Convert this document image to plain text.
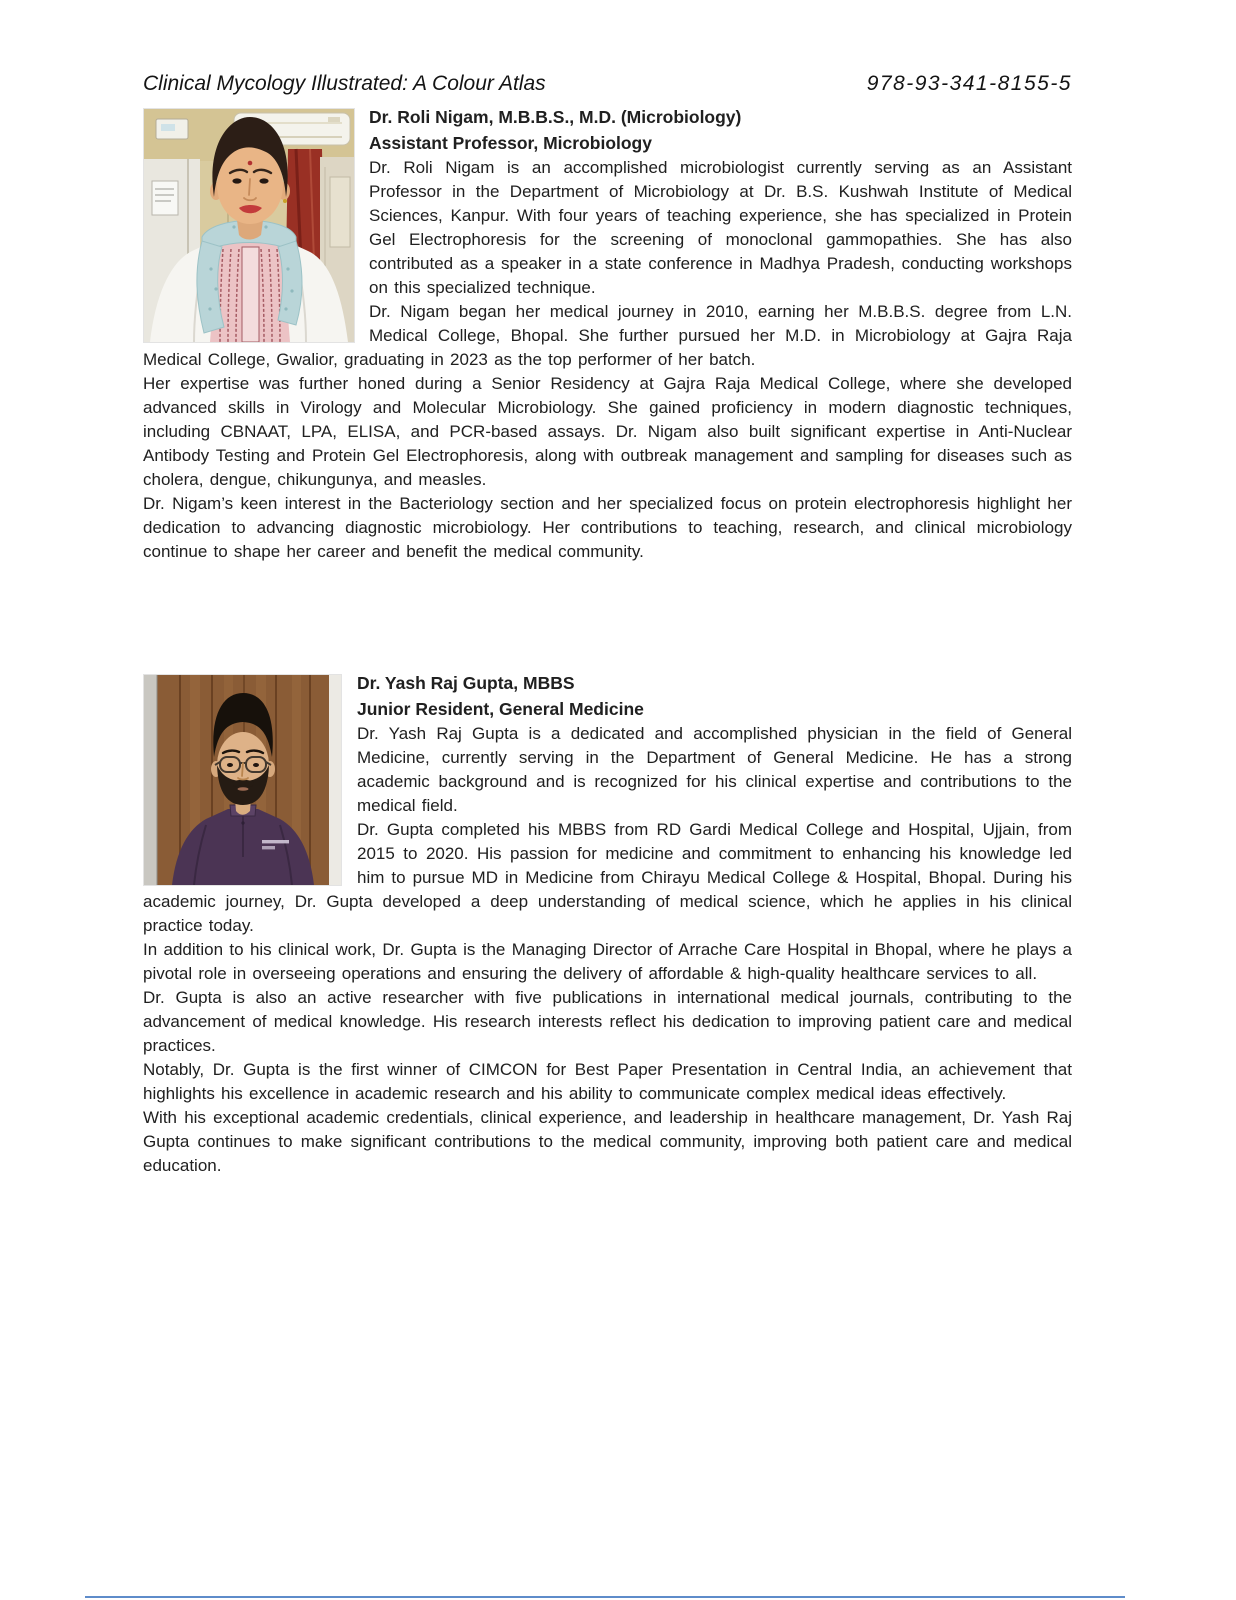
Clinical Mycology Illustrated: A Colour Atlas	978-93-341-8155-5
Dr. Roli Nigam, M.B.B.S., M.D. (Microbiology)
Assistant Professor, Microbiology

Dr. Roli Nigam is an accomplished microbiologist currently serving as an Assistant Professor in the Department of Microbiology at Dr. B.S. Kushwah Institute of Medical Sciences, Kanpur. With four years of teaching experience, she has specialized in Protein Gel Electrophoresis for the screening of monoclonal gammopathies. She has also contributed as a speaker in a state conference in Madhya Pradesh, conducting workshops on this specialized technique.

Dr. Nigam began her medical journey in 2010, earning her M.B.B.S. degree from L.N. Medical College, Bhopal. She further pursued her M.D. in Microbiology at Gajra Raja Medical College, Gwalior, graduating in 2023 as the top performer of her batch.

Her expertise was further honed during a Senior Residency at Gajra Raja Medical College, where she developed advanced skills in Virology and Molecular Microbiology. She gained proficiency in modern diagnostic techniques, including CBNAAT, LPA, ELISA, and PCR-based assays. Dr. Nigam also built significant expertise in Anti-Nuclear Antibody Testing and Protein Gel Electrophoresis, along with outbreak management and sampling for diseases such as cholera, dengue, chikungunya, and measles.

Dr. Nigam’s keen interest in the Bacteriology section and her specialized focus on protein electrophoresis highlight her dedication to advancing diagnostic microbiology. Her contributions to teaching, research, and clinical microbiology continue to shape her career and benefit the medical community.

Dr. Yash Raj Gupta, MBBS
Junior Resident, General Medicine

Dr. Yash Raj Gupta is a dedicated and accomplished physician in the field of General Medicine, currently serving in the Department of General Medicine. He has a strong academic background and is recognized for his clinical expertise and contributions to the medical field.

Dr. Gupta completed his MBBS from RD Gardi Medical College and Hospital, Ujjain, from 2015 to 2020. His passion for medicine and commitment to enhancing his knowledge led him to pursue MD in Medicine from Chirayu Medical College & Hospital, Bhopal. During his academic journey, Dr. Gupta developed a deep understanding of medical science, which he applies in his clinical practice today.

In addition to his clinical work, Dr. Gupta is the Managing Director of Arrache Care Hospital in Bhopal, where he plays a pivotal role in overseeing operations and ensuring the delivery of affordable & high-quality healthcare services to all.

Dr. Gupta is also an active researcher with five publications in international medical journals, contributing to the advancement of medical knowledge. His research interests reflect his dedication to improving patient care and medical practices.

Notably, Dr. Gupta is the first winner of CIMCON for Best Paper Presentation in Central India, an achievement that highlights his excellence in academic research and his ability to communicate complex medical ideas effectively.

With his exceptional academic credentials, clinical experience, and leadership in healthcare management, Dr. Yash Raj Gupta continues to make significant contributions to the medical community, improving both patient care and medical education.
